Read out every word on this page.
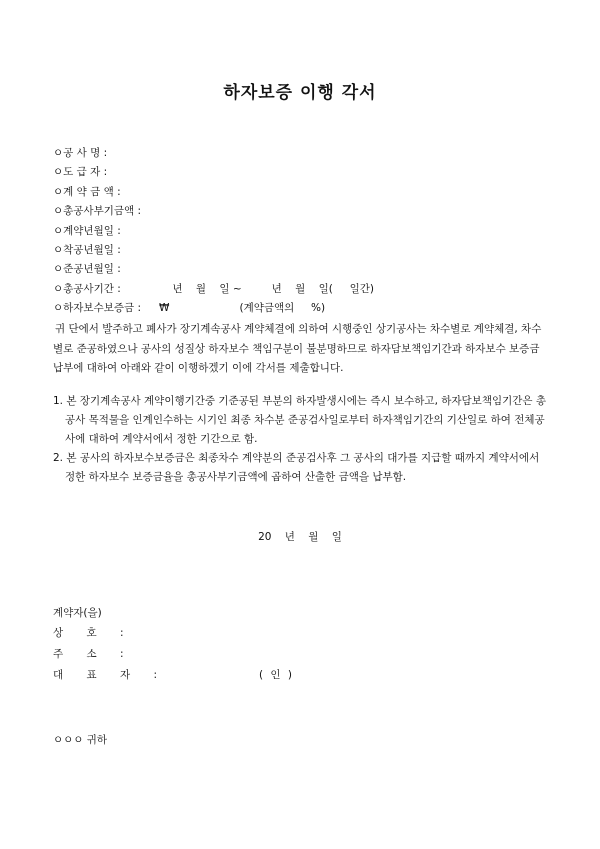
하자보증 이행 각서
ㅇ공 사 명 :
ㅇ도 급 자 :
ㅇ계 약 금 액 :
ㅇ총공사부기금액 :
ㅇ계약년월일 :
ㅇ착공년월일 :
ㅇ준공년월일 :
ㅇ총공사기간 :	년    월    일 ~         년    월    일(     일간)
ㅇ하자보수보증금 : ₩                     (계약금액의     %)

귀 단에서 발주하고 폐사가 장기계속공사 계약체결에 의하여 시행중인 상기공사는 차수별로 계약체결, 차수별로 준공하였으나 공사의 성질상 하자보수 책임구분이 불분명하므로 하자담보책임기간과 하자보수 보증금 납부에 대하여 아래와 같이 이행하겠기 이에 각서를 제출합니다.

1. 본 장기계속공사 계약이행기간중 기준공된 부분의 하자발생시에는 즉시 보수하고, 하자담보책임기간은 총공사 목적물을 인계인수하는 시기인 최종 차수분 준공검사일로부터 하자책임기간의 기산일로 하여 전체공사에 대하여 계약서에서 정한 기간으로 함.
2. 본 공사의 하자보수보증금은 최종차수 계약분의 준공검사후 그 공사의 대가를 지급할 때까지 계약서에서 정한 하자보수 보증금율을 총공사부기금액에 곱하여 산출한 금액을 납부함.

20 년 월 일

계약자(을)
상 호 :
주 소 :
대 표 자 :	( 인 )
ㅇㅇㅇ 귀하
